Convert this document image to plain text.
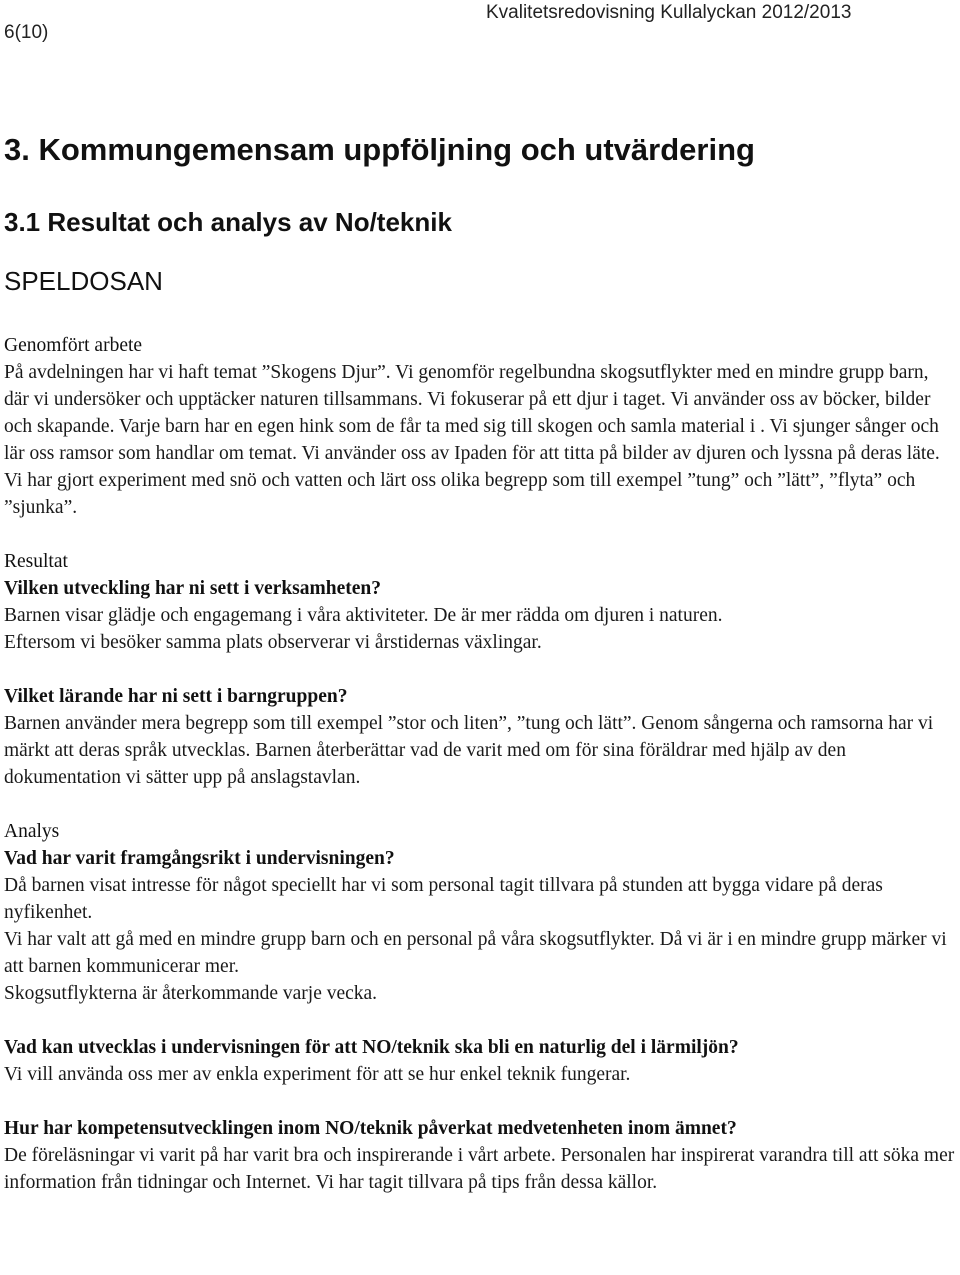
6(10)
Kvalitetsredovisning Kullalyckan 2012/2013
3. Kommungemensam uppföljning och utvärdering
3.1 Resultat och analys av No/teknik
SPELDOSAN

Genomfört arbete

På avdelningen har vi haft temat ”Skogens Djur”. Vi genomför regelbundna skogsutflykter med en mindre grupp barn, där vi undersöker och upptäcker naturen tillsammans. Vi fokuserar på ett djur i taget. Vi använder oss av böcker, bilder och skapande. Varje barn har en egen hink som de får ta med sig till skogen och samla material i . Vi sjunger sånger och lär oss ramsor som handlar om temat. Vi använder oss av Ipaden för att titta på bilder av djuren och lyssna på deras läte.

Vi har gjort experiment med snö och vatten och lärt oss olika begrepp som till exempel ”tung” och ”lätt”, ”flyta” och ”sjunka”.

Resultat

Vilken utveckling har ni sett i verksamheten?

Barnen visar glädje och engagemang i våra aktiviteter. De är mer rädda om djuren i naturen.

Eftersom vi besöker samma plats observerar vi årstidernas växlingar.

Vilket lärande har ni sett i barngruppen?

Barnen använder mera begrepp som till exempel ”stor och liten”, ”tung och lätt”. Genom sångerna och ramsorna har vi märkt att deras språk utvecklas. Barnen återberättar vad de varit med om för sina föräldrar med hjälp av den dokumentation vi sätter upp på anslagstavlan.

Analys

Vad har varit framgångsrikt i undervisningen?

Då barnen visat intresse för något speciellt har vi som personal tagit tillvara på stunden att bygga vidare på deras nyfikenhet.

Vi har valt att gå med en mindre grupp barn och en personal på våra skogsutflykter. Då vi är i en mindre grupp märker vi att barnen kommunicerar mer.

Skogsutflykterna är återkommande varje vecka.

Vad kan utvecklas i undervisningen för att NO/teknik ska bli en naturlig del i lärmiljön?

Vi vill använda oss mer av enkla experiment för att se hur enkel teknik fungerar.

Hur har kompetensutvecklingen inom NO/teknik påverkat medvetenheten inom ämnet?

De föreläsningar vi varit på har varit bra och inspirerande i vårt arbete. Personalen har inspirerat varandra till att söka mer information från tidningar och Internet. Vi har tagit tillvara på tips från dessa källor.
